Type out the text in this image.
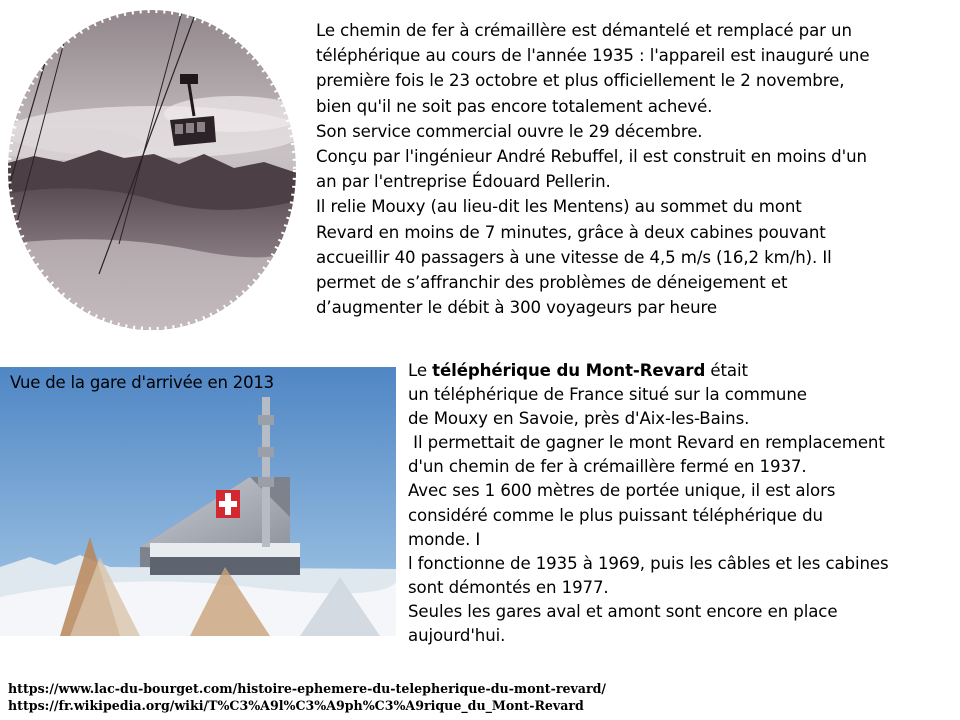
Le chemin de fer à crémaillère est démantelé et remplacé par un
téléphérique au cours de l'année 1935 : l'appareil est inauguré une
première fois le 23 octobre et plus officiellement le 2 novembre,
bien qu'il ne soit pas encore totalement achevé.
Son service commercial ouvre le 29 décembre.
Conçu par l'ingénieur André Rebuffel, il est construit en moins d'un
an par l'entreprise Édouard Pellerin.
Il relie Mouxy (au lieu-dit les Mentens) au sommet du mont
Revard en moins de 7 minutes, grâce à deux cabines pouvant
accueillir 40 passagers à une vitesse de 4,5 m/s (16,2 km/h). Il
permet de s’affranchir des problèmes de déneigement et
d’augmenter le débit à 300 voyageurs par heure
Vue de la gare d'arrivée en 2013
Le téléphérique du Mont-Revard était
un téléphérique de France situé sur la commune
de Mouxy en Savoie, près d'Aix-les-Bains.
Il permettait de gagner le mont Revard en remplacement
d'un chemin de fer à crémaillère fermé en 1937.
Avec ses 1 600 mètres de portée unique, il est alors
considéré comme le plus puissant téléphérique du
monde. I
l fonctionne de 1935 à 1969, puis les câbles et les cabines
sont démontés en 1977.
Seules les gares aval et amont sont encore en place
aujourd'hui.
https://www.lac-du-bourget.com/histoire-ephemere-du-telepherique-du-mont-revard/
https://fr.wikipedia.org/wiki/T%C3%A9l%C3%A9ph%C3%A9rique_du_Mont-Revard
